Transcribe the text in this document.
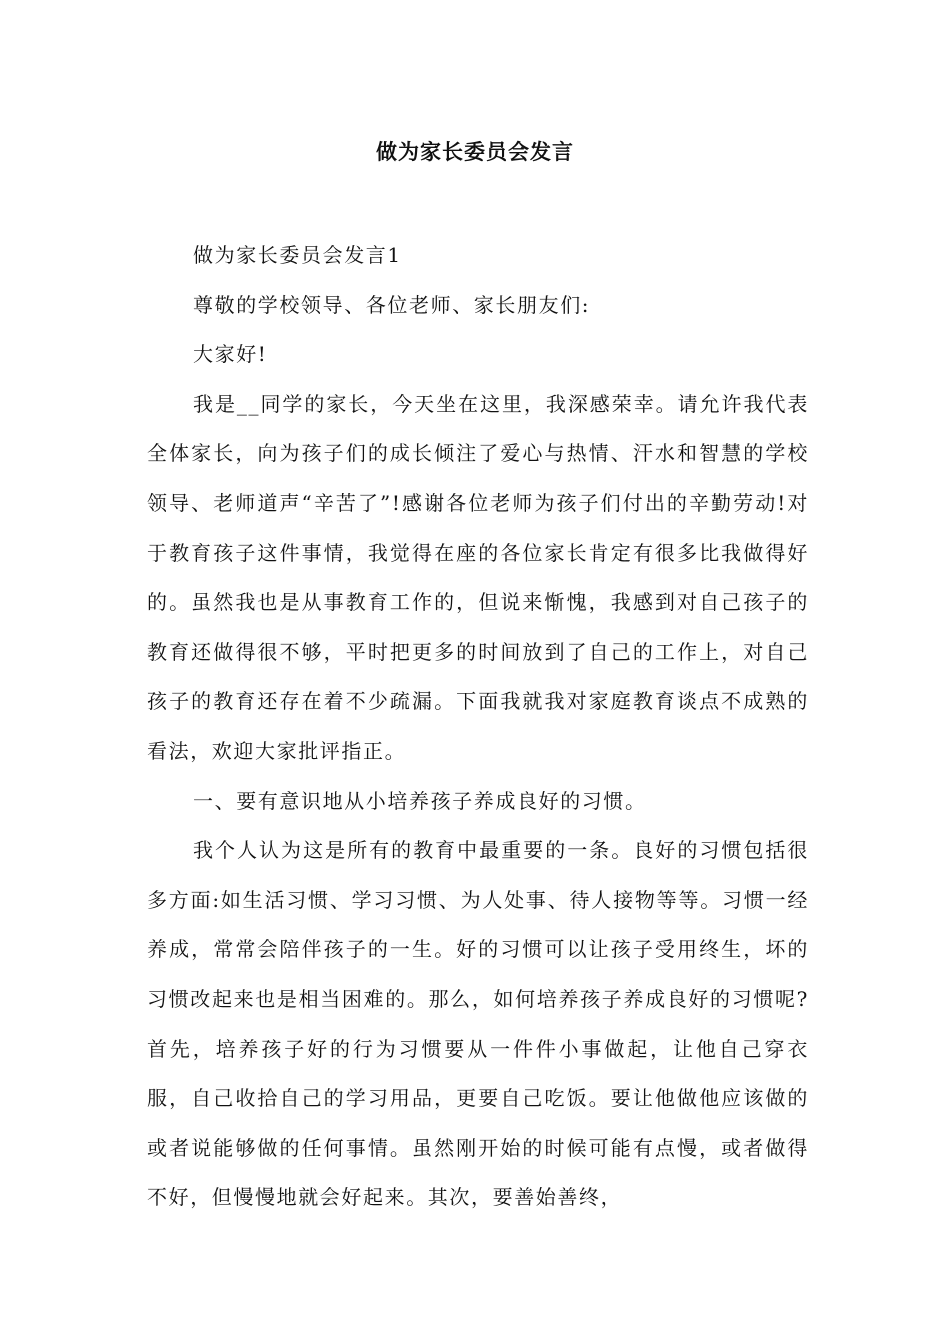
做为家长委员会发言

做为家长委员会发言1

尊敬的学校领导、各位老师、家长朋友们:

大家好!

我是__同学的家长，今天坐在这里，我深感荣幸。请允许我代表全体家长，向为孩子们的成长倾注了爱心与热情、汗水和智慧的学校领导、老师道声“辛苦了”!感谢各位老师为孩子们付出的辛勤劳动!对于教育孩子这件事情，我觉得在座的各位家长肯定有很多比我做得好的。虽然我也是从事教育工作的，但说来惭愧，我感到对自己孩子的教育还做得很不够，平时把更多的时间放到了自己的工作上，对自己孩子的教育还存在着不少疏漏。下面我就我对家庭教育谈点不成熟的看法，欢迎大家批评指正。

一、要有意识地从小培养孩子养成良好的习惯。

我个人认为这是所有的教育中最重要的一条。良好的习惯包括很多方面:如生活习惯、学习习惯、为人处事、待人接物等等。习惯一经养成，常常会陪伴孩子的一生。好的习惯可以让孩子受用终生，坏的习惯改起来也是相当困难的。那么，如何培养孩子养成良好的习惯呢?首先，培养孩子好的行为习惯要从一件件小事做起，让他自己穿衣服，自己收拾自己的学习用品，更要自己吃饭。要让他做他应该做的或者说能够做的任何事情。虽然刚开始的时候可能有点慢，或者做得不好，但慢慢地就会好起来。其次，要善始善终，
